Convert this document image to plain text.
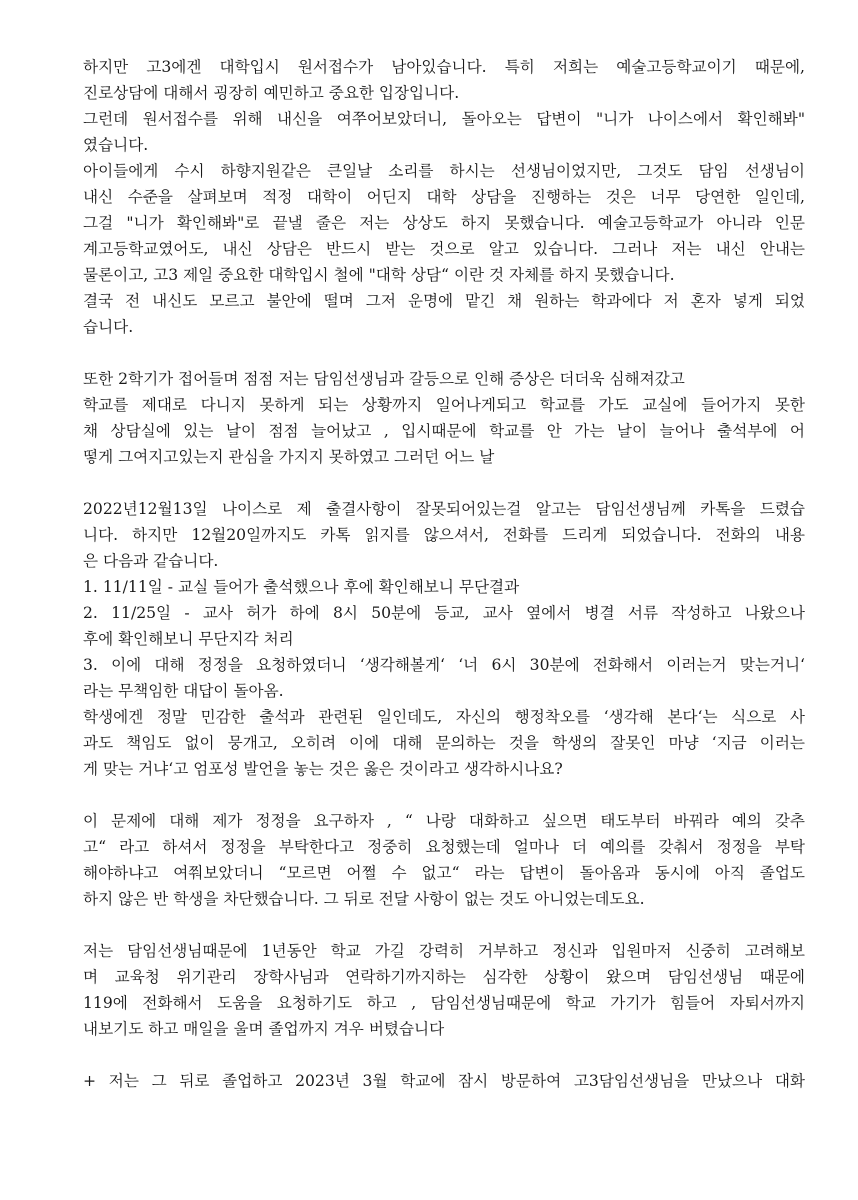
하지만 고3에겐 대학입시 원서접수가 남아있습니다. 특히 저희는 예술고등학교이기 때문에,
진로상담에 대해서 굉장히 예민하고 중요한 입장입니다.
그런데 원서접수를 위해 내신을 여쭈어보았더니, 돌아오는 답변이 "니가 나이스에서 확인해봐"
였습니다.
아이들에게 수시 하향지원같은 큰일날 소리를 하시는 선생님이었지만, 그것도 담임 선생님이
내신 수준을 살펴보며 적정 대학이 어딘지 대학 상담을 진행하는 것은 너무 당연한 일인데,
그걸 "니가 확인해봐"로 끝낼 줄은 저는 상상도 하지 못했습니다. 예술고등학교가 아니라 인문
계고등학교였어도, 내신 상담은 반드시 받는 것으로 알고 있습니다. 그러나 저는 내신 안내는
물론이고, 고3 제일 중요한 대학입시 철에 "대학 상담“ 이란 것 자체를 하지 못했습니다.
결국 전 내신도 모르고 불안에 떨며 그저 운명에 맡긴 채 원하는 학과에다 저 혼자 넣게 되었
습니다.
또한 2학기가 접어들며 점점 저는 담임선생님과 갈등으로 인해 증상은 더더욱 심해져갔고
학교를 제대로 다니지 못하게 되는 상황까지 일어나게되고 학교를 가도 교실에 들어가지 못한
채 상담실에 있는 날이 점점 늘어났고 , 입시때문에 학교를 안 가는 날이 늘어나 출석부에 어
떻게 그여지고있는지 관심을 가지지 못하였고 그러던 어느 날
2022년12월13일 나이스로 제 출결사항이 잘못되어있는걸 알고는 담임선생님께 카톡을 드렸습
니다. 하지만 12월20일까지도 카톡 읽지를 않으셔서, 전화를 드리게 되었습니다. 전화의 내용
은 다음과 같습니다.
1. 11/11일 - 교실 들어가 출석했으나 후에 확인해보니 무단결과
2. 11/25일 - 교사 허가 하에 8시 50분에 등교, 교사 옆에서 병결 서류 작성하고 나왔으나
후에 확인해보니 무단지각 처리
3. 이에 대해 정정을 요청하였더니 ‘생각해볼게‘ ‘너 6시 30분에 전화해서 이러는거 맞는거니‘
라는 무책임한 대답이 돌아옴.
학생에겐 정말 민감한 출석과 관련된 일인데도, 자신의 행정착오를 ‘생각해 본다‘는 식으로 사
과도 책임도 없이 뭉개고, 오히려 이에 대해 문의하는 것을 학생의 잘못인 마냥 ‘지금 이러는
게 맞는 거냐‘고 엄포성 발언을 놓는 것은 옳은 것이라고 생각하시나요?
이 문제에 대해 제가 정정을 요구하자 , “ 나랑 대화하고 싶으면 태도부터 바꿔라 예의 갖추
고“ 라고 하셔서 정정을 부탁한다고 정중히 요청했는데 얼마나 더 예의를 갖춰서 정정을 부탁
해야하냐고 여쭤보았더니 “모르면 어쩔 수 없고“ 라는 답변이 돌아옴과 동시에 아직 졸업도
하지 않은 반 학생을 차단했습니다. 그 뒤로 전달 사항이 없는 것도 아니었는데도요.
저는 담임선생님때문에 1년동안 학교 가길 강력히 거부하고 정신과 입원마저 신중히 고려해보
며 교육청 위기관리 장학사님과 연락하기까지하는 심각한 상황이 왔으며 담임선생님 때문에
119에 전화해서 도움을 요청하기도 하고 , 담임선생님때문에 학교 가기가 힘들어 자퇴서까지
내보기도 하고 매일을 울며 졸업까지 겨우 버텼습니다
+ 저는 그 뒤로 졸업하고 2023년 3월 학교에 잠시 방문하여 고3담임선생님을 만났으나 대화
